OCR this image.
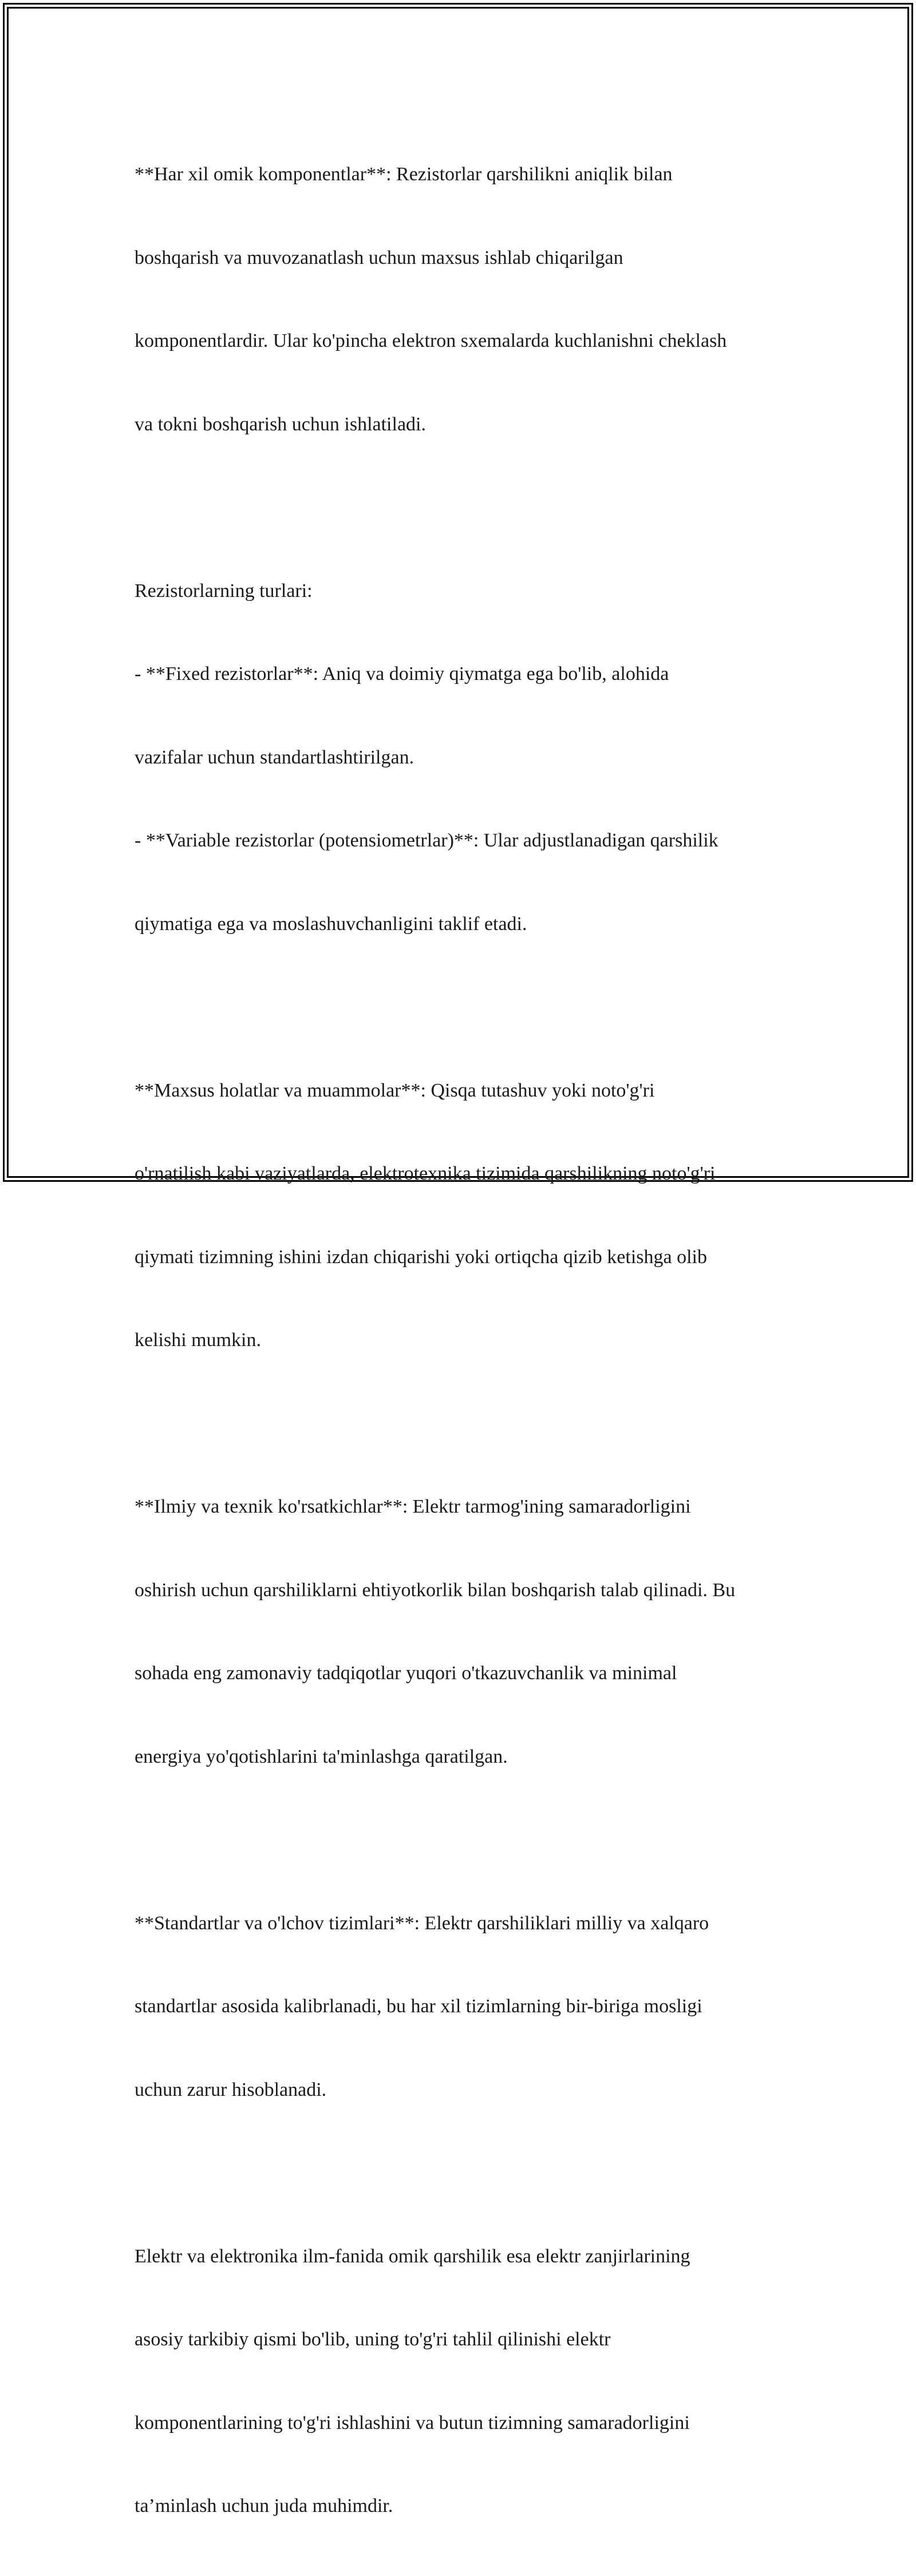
**Har xil omik komponentlar**: Rezistorlar qarshilikni aniqlik bilan

boshqarish va muvozanatlash uchun maxsus ishlab chiqarilgan

komponentlardir. Ular ko'pincha elektron sxemalarda kuchlanishni cheklash

va tokni boshqarish uchun ishlatiladi.

Rezistorlarning turlari:

- **Fixed rezistorlar**: Aniq va doimiy qiymatga ega bo'lib, alohida

vazifalar uchun standartlashtirilgan.

- **Variable rezistorlar (potensiometrlar)**: Ular adjustlanadigan qarshilik

qiymatiga ega va moslashuvchanligini taklif etadi.

**Maxsus holatlar va muammolar**: Qisqa tutashuv yoki noto'g'ri

o'rnatilish kabi vaziyatlarda, elektrotexnika tizimida qarshilikning noto'g'ri

qiymati tizimning ishini izdan chiqarishi yoki ortiqcha qizib ketishga olib

kelishi mumkin.

**Ilmiy va texnik ko'rsatkichlar**: Elektr tarmog'ining samaradorligini

oshirish uchun qarshiliklarni ehtiyotkorlik bilan boshqarish talab qilinadi. Bu

sohada eng zamonaviy tadqiqotlar yuqori o'tkazuvchanlik va minimal

energiya yo'qotishlarini ta'minlashga qaratilgan.

**Standartlar va o'lchov tizimlari**: Elektr qarshiliklari milliy va xalqaro

standartlar asosida kalibrlanadi, bu har xil tizimlarning bir-biriga mosligi

uchun zarur hisoblanadi.

Elektr va elektronika ilm-fanida omik qarshilik esa elektr zanjirlarining

asosiy tarkibiy qismi bo'lib, uning to'g'ri tahlil qilinishi elektr

komponentlarining to'g'ri ishlashini va butun tizimning samaradorligini

ta’minlash uchun juda muhimdir.
